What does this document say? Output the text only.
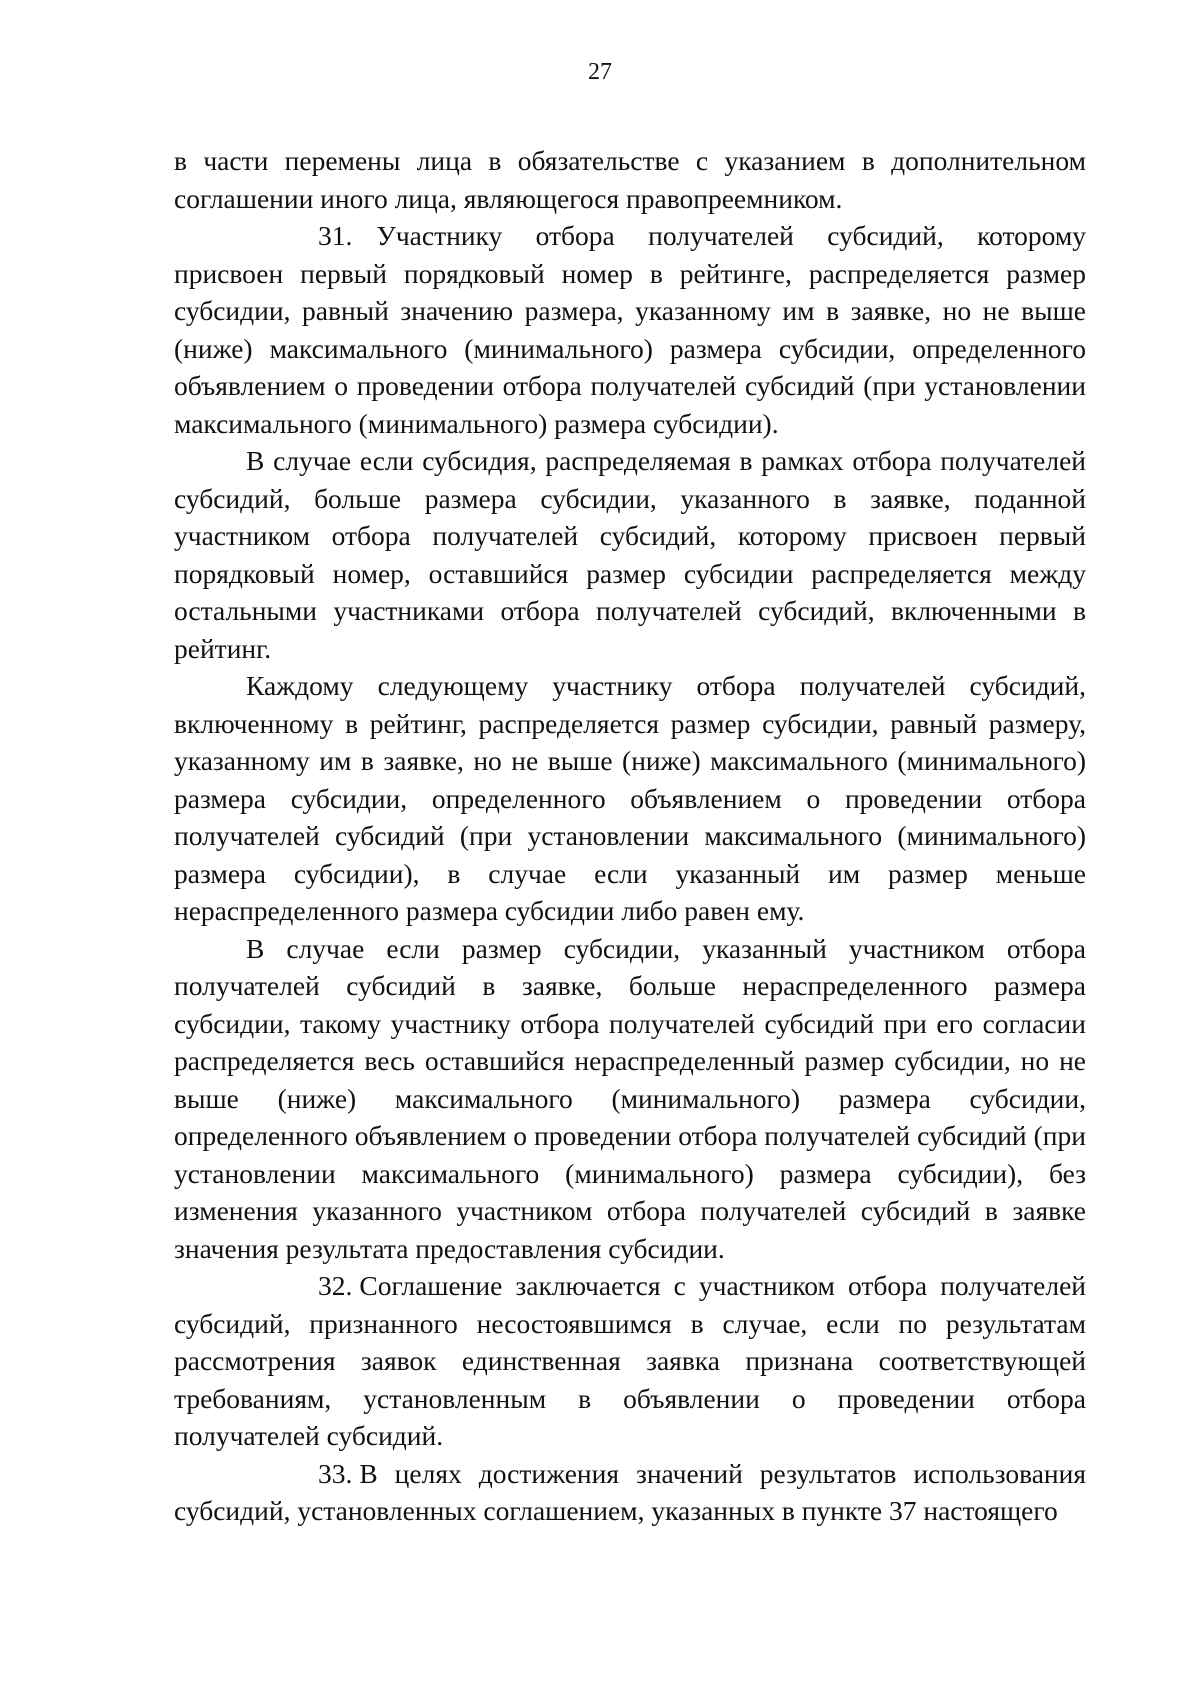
27

в части перемены лица в обязательстве с указанием в дополнительном соглашении иного лица, являющегося правопреемником.

31. Участнику отбора получателей субсидий, которому присвоен первый порядковый номер в рейтинге, распределяется размер субсидии, равный значению размера, указанному им в заявке, но не выше (ниже) максимального (минимального) размера субсидии, определенного объявлением о проведении отбора получателей субсидий (при установлении максимального (минимального) размера субсидии).

В случае если субсидия, распределяемая в рамках отбора получателей субсидий, больше размера субсидии, указанного в заявке, поданной участником отбора получателей субсидий, которому присвоен первый порядковый номер, оставшийся размер субсидии распределяется между остальными участниками отбора получателей субсидий, включенными в рейтинг.

Каждому следующему участнику отбора получателей субсидий, включенному в рейтинг, распределяется размер субсидии, равный размеру, указанному им в заявке, но не выше (ниже) максимального (минимального) размера субсидии, определенного объявлением о проведении отбора получателей субсидий (при установлении максимального (минимального) размера субсидии), в случае если указанный им размер меньше нераспределенного размера субсидии либо равен ему.

В случае если размер субсидии, указанный участником отбора получателей субсидий в заявке, больше нераспределенного размера субсидии, такому участнику отбора получателей субсидий при его согласии распределяется весь оставшийся нераспределенный размер субсидии, но не выше (ниже) максимального (минимального) размера субсидии, определенного объявлением о проведении отбора получателей субсидий (при установлении максимального (минимального) размера субсидии), без изменения указанного участником отбора получателей субсидий в заявке значения результата предоставления субсидии.

32. Соглашение заключается с участником отбора получателей субсидий, признанного несостоявшимся в случае, если по результатам рассмотрения заявок единственная заявка признана соответствующей требованиям, установленным в объявлении о проведении отбора получателей субсидий.

33. В целях достижения значений результатов использования субсидий, установленных соглашением, указанных в пункте 37 настоящего
